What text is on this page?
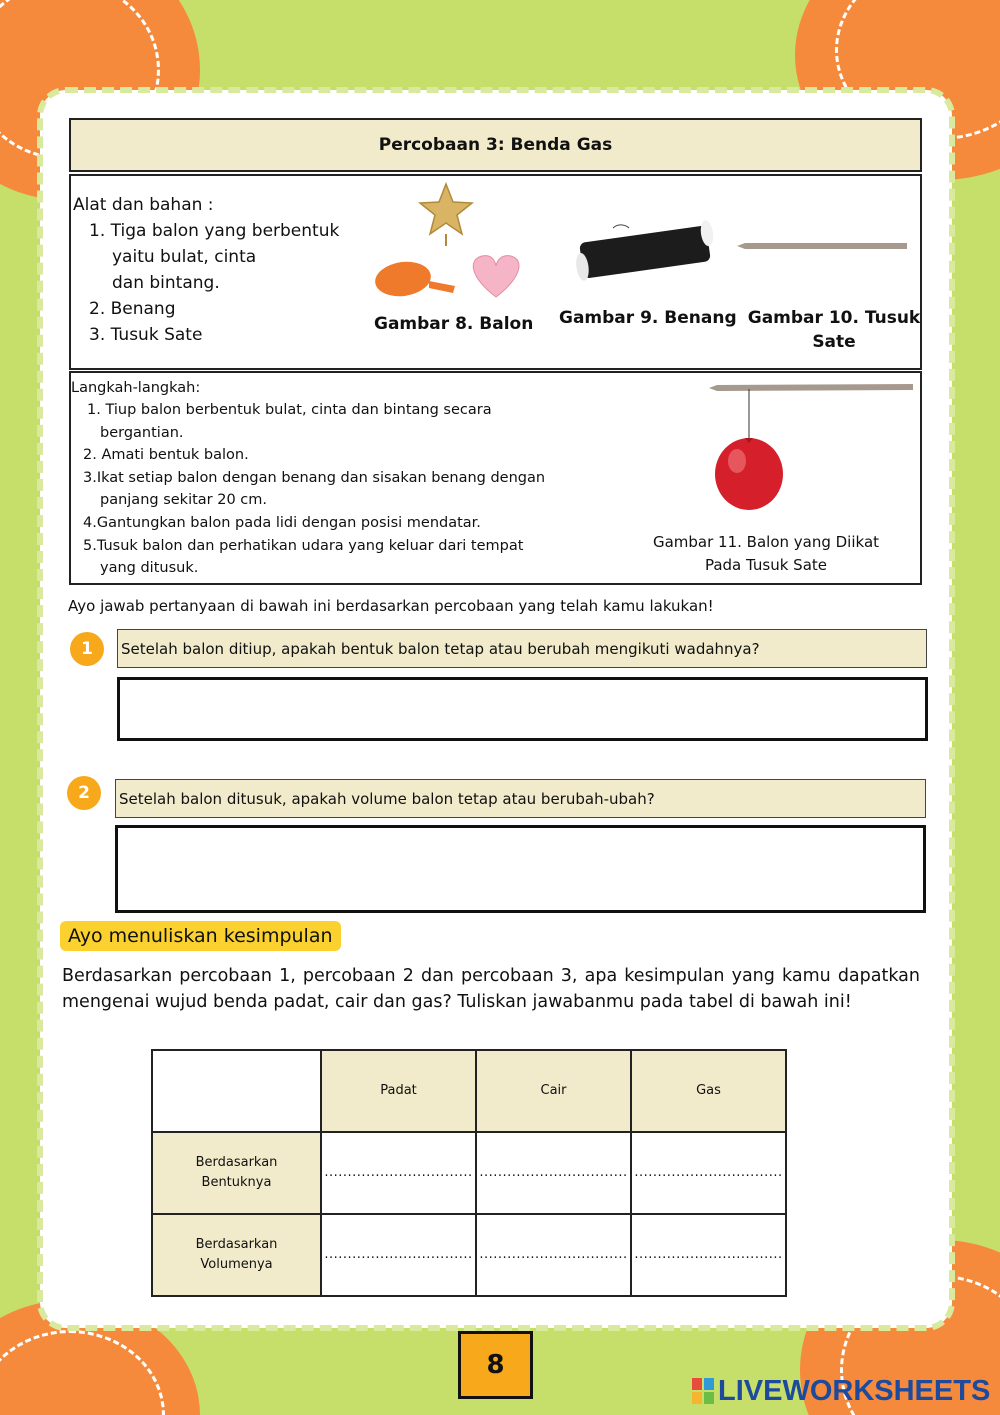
Percobaan 3: Benda Gas
Alat dan bahan :
1. Tiga balon yang berbentuk
yaitu bulat, cinta
dan bintang.
2. Benang
3. Tusuk Sate
Gambar 8. Balon Gambar 9. Benang Gambar 10. Tusuk
Sate
Langkah-langkah:
1. Tiup balon berbentuk bulat, cinta dan bintang secara
bergantian.
2. Amati bentuk balon.
3.Ikat setiap balon dengan benang dan sisakan benang dengan
panjang sekitar 20 cm.
4.Gantungkan balon pada lidi dengan posisi mendatar.
5.Tusuk balon dan perhatikan udara yang keluar dari tempat
yang ditusuk.
Gambar 11. Balon yang Diikat
Pada Tusuk Sate
Ayo jawab pertanyaan di bawah ini berdasarkan percobaan yang telah kamu lakukan!
1	Setelah balon ditiup, apakah bentuk balon tetap atau berubah mengikuti wadahnya?
2	Setelah balon ditusuk, apakah volume balon tetap atau berubah-ubah?
Ayo menuliskan kesimpulan
Berdasarkan percobaan 1, percobaan 2 dan percobaan 3, apa kesimpulan yang kamu dapatkan mengenai wujud benda padat, cair dan gas? Tuliskan jawabanmu pada tabel di bawah ini!
	Padat	Cair	Gas

Berdasarkan
Bentuknya	................................	................................	................................

Berdasarkan
Volumenya	................................	................................	................................
8
LIVEWORKSHEETS
